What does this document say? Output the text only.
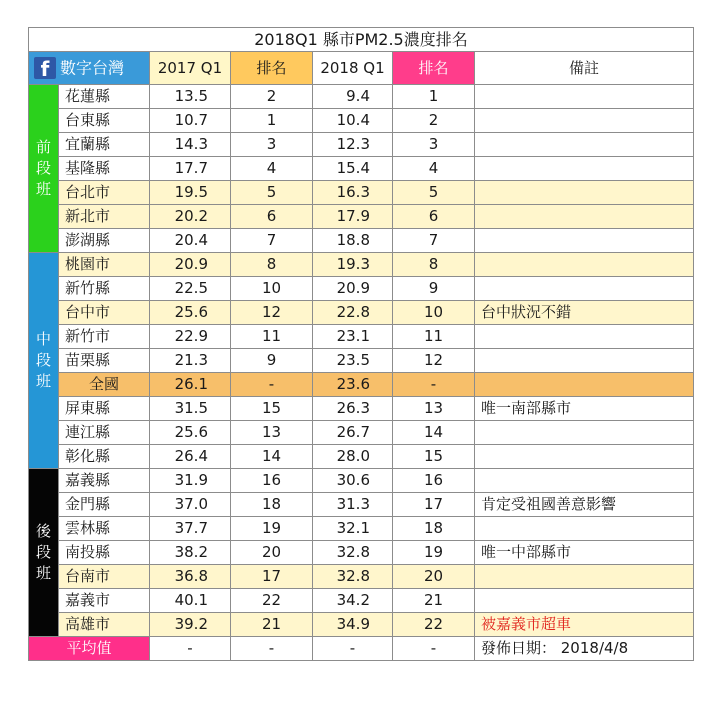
2018Q1 縣市PM2.5濃度排名						
f 數字台灣		2017 Q1	排名	2018 Q1	排名	備註

前
段
班	花蓮縣	13.5	2	9.4	1	
	台東縣	10.7	1	10.4	2	
	宜蘭縣	14.3	3	12.3	3	
	基隆縣	17.7	4	15.4	4	
	台北市	19.5	5	16.3	5	
	新北市	20.2	6	17.9	6	
	澎湖縣	20.4	7	18.8	7	

中
段
班	桃園市	20.9	8	19.3	8	
	新竹縣	22.5	10	20.9	9	
	台中市	25.6	12	22.8	10	台中狀況不錯
	新竹市	22.9	11	23.1	11	
	苗栗縣	21.3	9	23.5	12	
	全國	26.1	-	23.6	-	
	屏東縣	31.5	15	26.3	13	唯一南部縣市
	連江縣	25.6	13	26.7	14	
	彰化縣	26.4	14	28.0	15	

後
段
班	嘉義縣	31.9	16	30.6	16	
	金門縣	37.0	18	31.3	17	肯定受祖國善意影響
	雲林縣	37.7	19	32.1	18	
	南投縣	38.2	20	32.8	19	唯一中部縣市
	台南市	36.8	17	32.8	20	
	嘉義市	40.1	22	34.2	21	
	高雄市	39.2	21	34.9	22	被嘉義市超車
平均值		-	-	-	-	發佈日期： 2018/4/8
